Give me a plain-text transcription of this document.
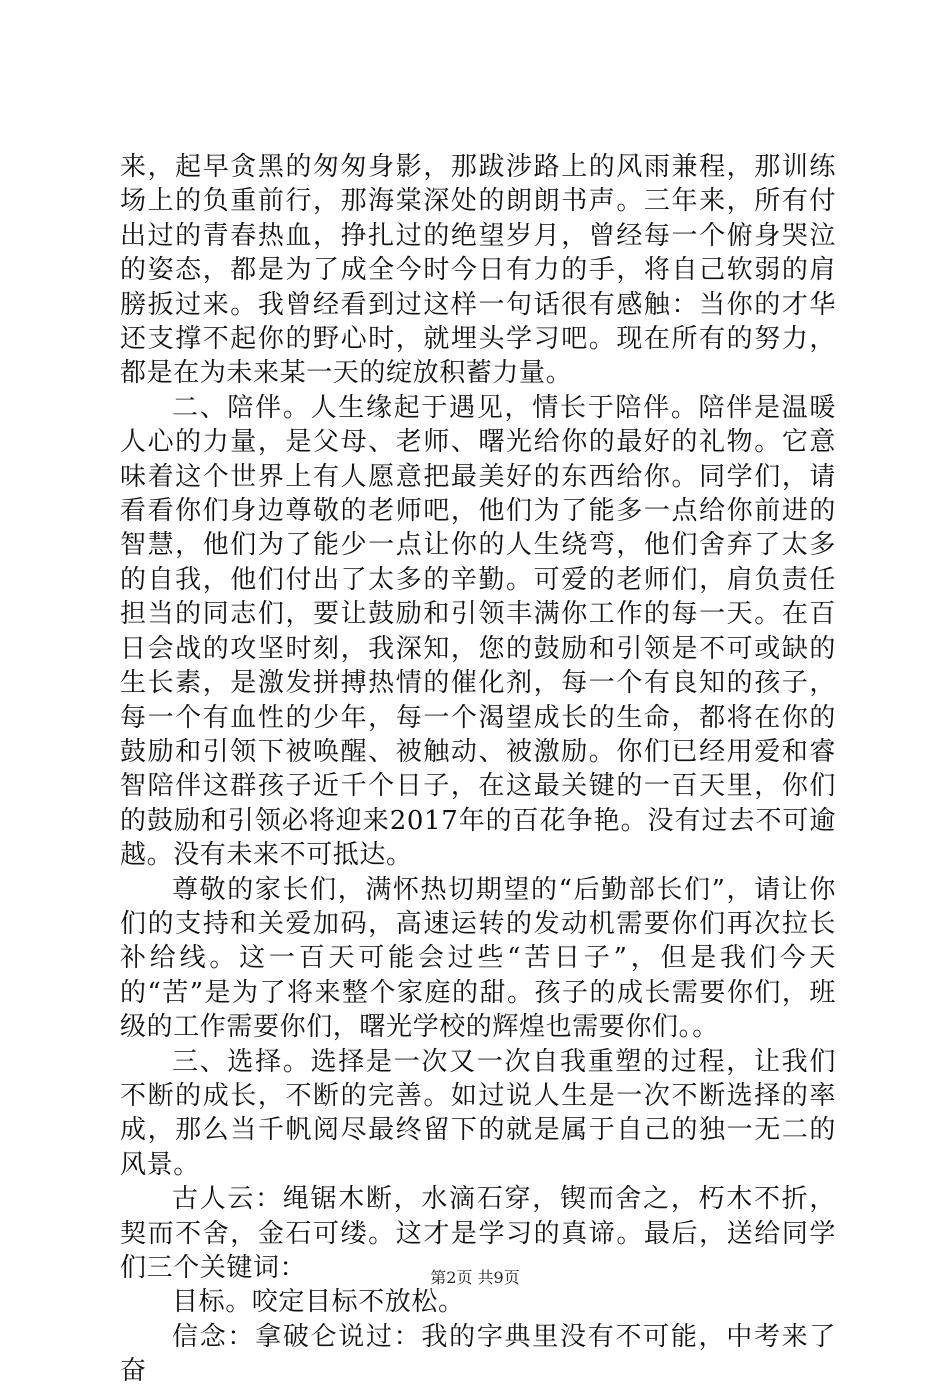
来，起早贪黑的匆匆身影，那跋涉路上的风雨兼程，那训练场上的负重前行，那海棠深处的朗朗书声。三年来，所有付出过的青春热血，挣扎过的绝望岁月，曾经每一个俯身哭泣的姿态，都是为了成全今时今日有力的手，将自己软弱的肩膀扳过来。我曾经看到过这样一句话很有感触：当你的才华还支撑不起你的野心时，就埋头学习吧。现在所有的努力，都是在为未来某一天的绽放积蓄力量。

二、陪伴。人生缘起于遇见，情长于陪伴。陪伴是温暖人心的力量，是父母、老师、曙光给你的最好的礼物。它意味着这个世界上有人愿意把最美好的东西给你。同学们，请看看你们身边尊敬的老师吧，他们为了能多一点给你前进的智慧，他们为了能少一点让你的人生绕弯，他们舍弃了太多的自我，他们付出了太多的辛勤。可爱的老师们，肩负责任担当的同志们，要让鼓励和引领丰满你工作的每一天。在百日会战的攻坚时刻，我深知，您的鼓励和引领是不可或缺的生长素，是激发拼搏热情的催化剂，每一个有良知的孩子，每一个有血性的少年，每一个渴望成长的生命，都将在你的鼓励和引领下被唤醒、被触动、被激励。你们已经用爱和睿智陪伴这群孩子近千个日子，在这最关键的一百天里，你们的鼓励和引领必将迎来2017年的百花争艳。没有过去不可逾越。没有未来不可抵达。

尊敬的家长们，满怀热切期望的“后勤部长们”，请让你们的支持和关爱加码，高速运转的发动机需要你们再次拉长补给线。这一百天可能会过些“苦日子”，但是我们今天的“苦”是为了将来整个家庭的甜。孩子的成长需要你们，班级的工作需要你们，曙光学校的辉煌也需要你们。。

三、选择。选择是一次又一次自我重塑的过程，让我们不断的成长，不断的完善。如过说人生是一次不断选择的率成，那么当千帆阅尽最终留下的就是属于自己的独一无二的风景。

古人云：绳锯木断，水滴石穿，锲而舍之，朽木不折，契而不舍，金石可缕。这才是学习的真谛。最后，送给同学们三个关键词：

目标。咬定目标不放松。

信念：拿破仑说过：我的字典里没有不可能，中考来了奋

第2页 共9页
